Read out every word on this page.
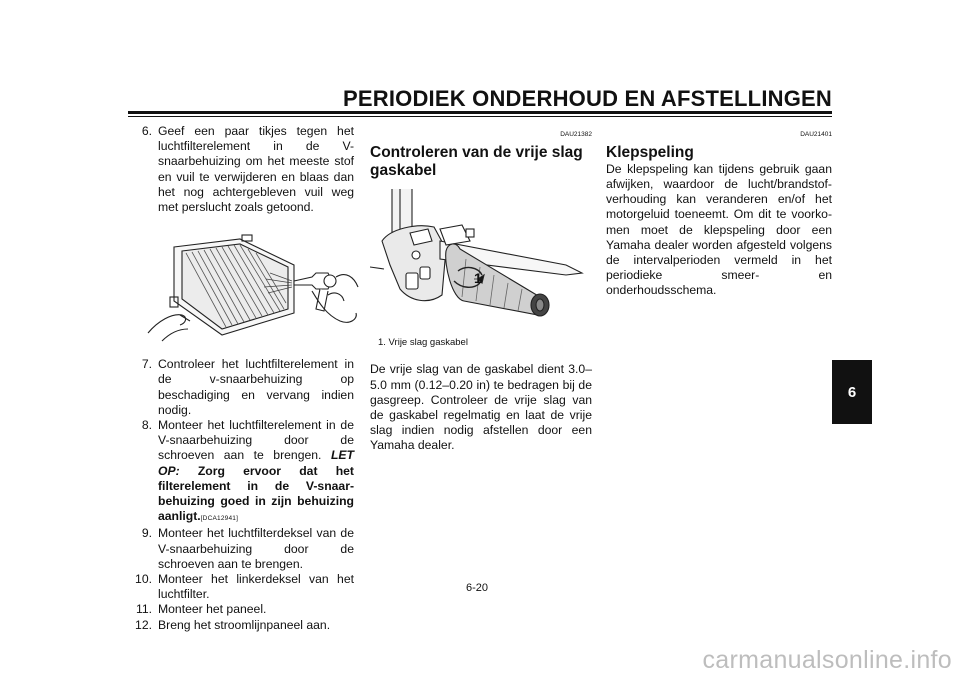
PERIODIEK ONDERHOUD EN AFSTELLINGEN
6
6. Geef een paar tikjes tegen het luchtfilterelement in de V-snaarbehuizing om het meeste stof en vuil te verwijderen en blaas dan het nog achtergebleven vuil weg met perslucht zoals getoond.
7. Controleer het luchtfilterelement in de v-snaarbehuizing op beschadiging en vervang indien nodig.
8. Monteer het luchtfilterelement in de V-snaarbehuizing door de schroeven aan te brengen. LET OP: Zorg ervoor dat het filterelement in de V-snaarbehuizing goed in zijn behuizing aanligt.[DCA12941]
9. Monteer het luchtfilterdeksel van de V-snaarbehuizing door de schroeven aan te brengen.
10. Monteer het linkerdeksel van het luchtfilter.
11. Monteer het paneel.
12. Breng het stroomlijnpaneel aan.
DAU21382
Controleren van de vrije slag gaskabel
1
1. Vrije slag gaskabel
De vrije slag van de gaskabel dient 3.0–5.0 mm (0.12–0.20 in) te bedragen bij de gasgreep. Controleer de vrije slag van de gaskabel regelmatig en laat de vrije slag indien nodig afstellen door een Yamaha dealer.
DAU21401
Klepspeling
De klepspeling kan tijdens gebruik gaan afwijken, waardoor de lucht/brandstof-verhouding kan veranderen en/of het motorgeluid toeneemt. Om dit te voorkomen moet de klepspeling door een Yamaha dealer worden afgesteld volgens de intervalperioden vermeld in het periodieke smeer- en onderhoudsschema.
6-20
carmanualsonline.info
